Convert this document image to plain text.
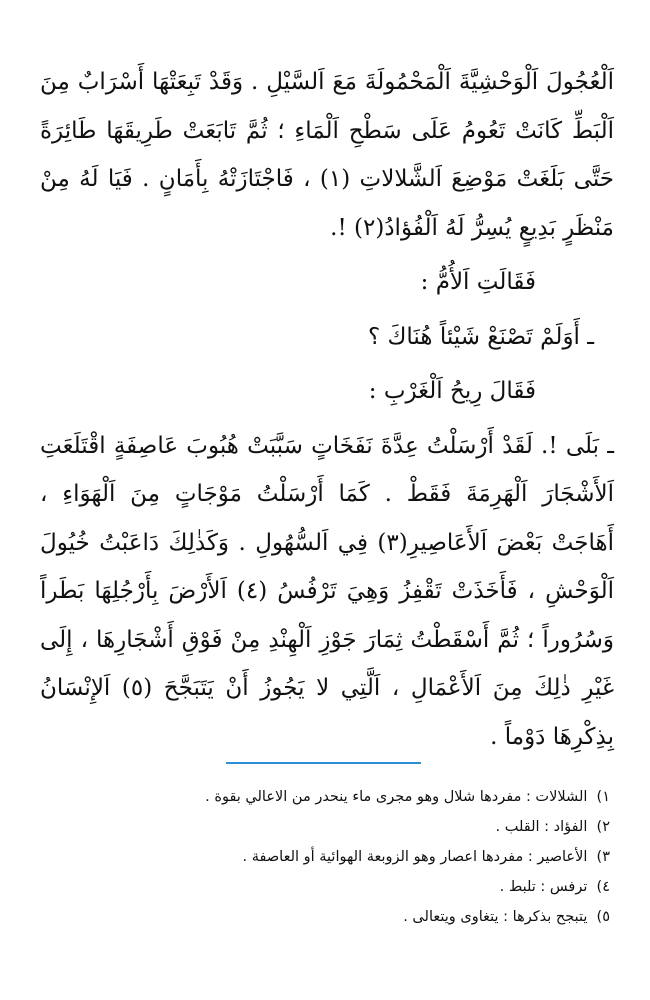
اَلْعُجُولَ اَلْوَحْشِيَّةَ اَلْمَحْمُولَةَ مَعَ اَلسَّيْلِ . وَقَدْ تَبِعَتْهَا أَسْرَابٌ مِنَ اَلْبَطِّ كَانَتْ تَعُومُ عَلَى سَطْحِ اَلْمَاءِ ؛ ثُمَّ تَابَعَتْ طَرِيقَهَا طَائِرَةً حَتَّى بَلَغَتْ مَوْضِعَ اَلشَّلالاتِ (١) ، فَاجْتَازَتْهُ بِأَمَانٍ . فَيَا لَهُ مِنْ مَنْظَرٍ بَدِيعٍ يُسِرُّ لَهُ اَلْفُؤادُ(٢) !.

فَقَالَتِ اَلأُمُّ :

ـ أَوَلَمْ تَصْنَعْ شَيْئاً هُنَاكَ ؟

فَقَالَ رِيحُ اَلْغَرْبِ :

ـ بَلَى !. لَقَدْ أَرْسَلْتُ عِدَّةَ نَفَخَاتٍ سَبَّبَتْ هُبُوبَ عَاصِفَةٍ اقْتَلَعَتِ اَلأَشْجَارَ اَلْهَرِمَةَ فَقَطْ . كَمَا أَرْسَلْتُ مَوْجَاتٍ مِنَ اَلْهَوَاءِ ، أَهَاجَتْ بَعْضَ اَلأَعَاصِيرِ(٣) فِي اَلسُّهُولِ . وَكَذٰلِكَ دَاعَبْتُ خُيُولَ اَلْوَحْشِ ، فَأَخَذَتْ تَقْفِزُ وَهِيَ تَرْفُسُ (٤) اَلأَرْضَ بِأَرْجُلِهَا بَطَراً وَسُرُوراً ؛ ثُمَّ أَسْقَطْتُ ثِمَارَ جَوْزِ اَلْهِنْدِ مِنْ فَوْقِ أَشْجَارِهَا ، إِلَى غَيْرِ ذٰلِكَ مِنَ اَلأَعْمَالِ ، اَلَّتِي لا يَجُوزُ أَنْ يَتَبَجَّحَ (٥) اَلإِنْسَانُ بِذِكْرِهَا دَوْماً .

١) الشلالات : مفردها شلال وهو مجرى ماء ينحدر من الاعالي بقوة .
٢) الفؤاد : القلب .
٣) الأعاصير : مفردها اعصار وهو الزوبعة الهوائية أو العاصفة .
٤) ترفس : تلبط .
٥) يتبجح بذكرها : يتغاوى ويتعالى .
